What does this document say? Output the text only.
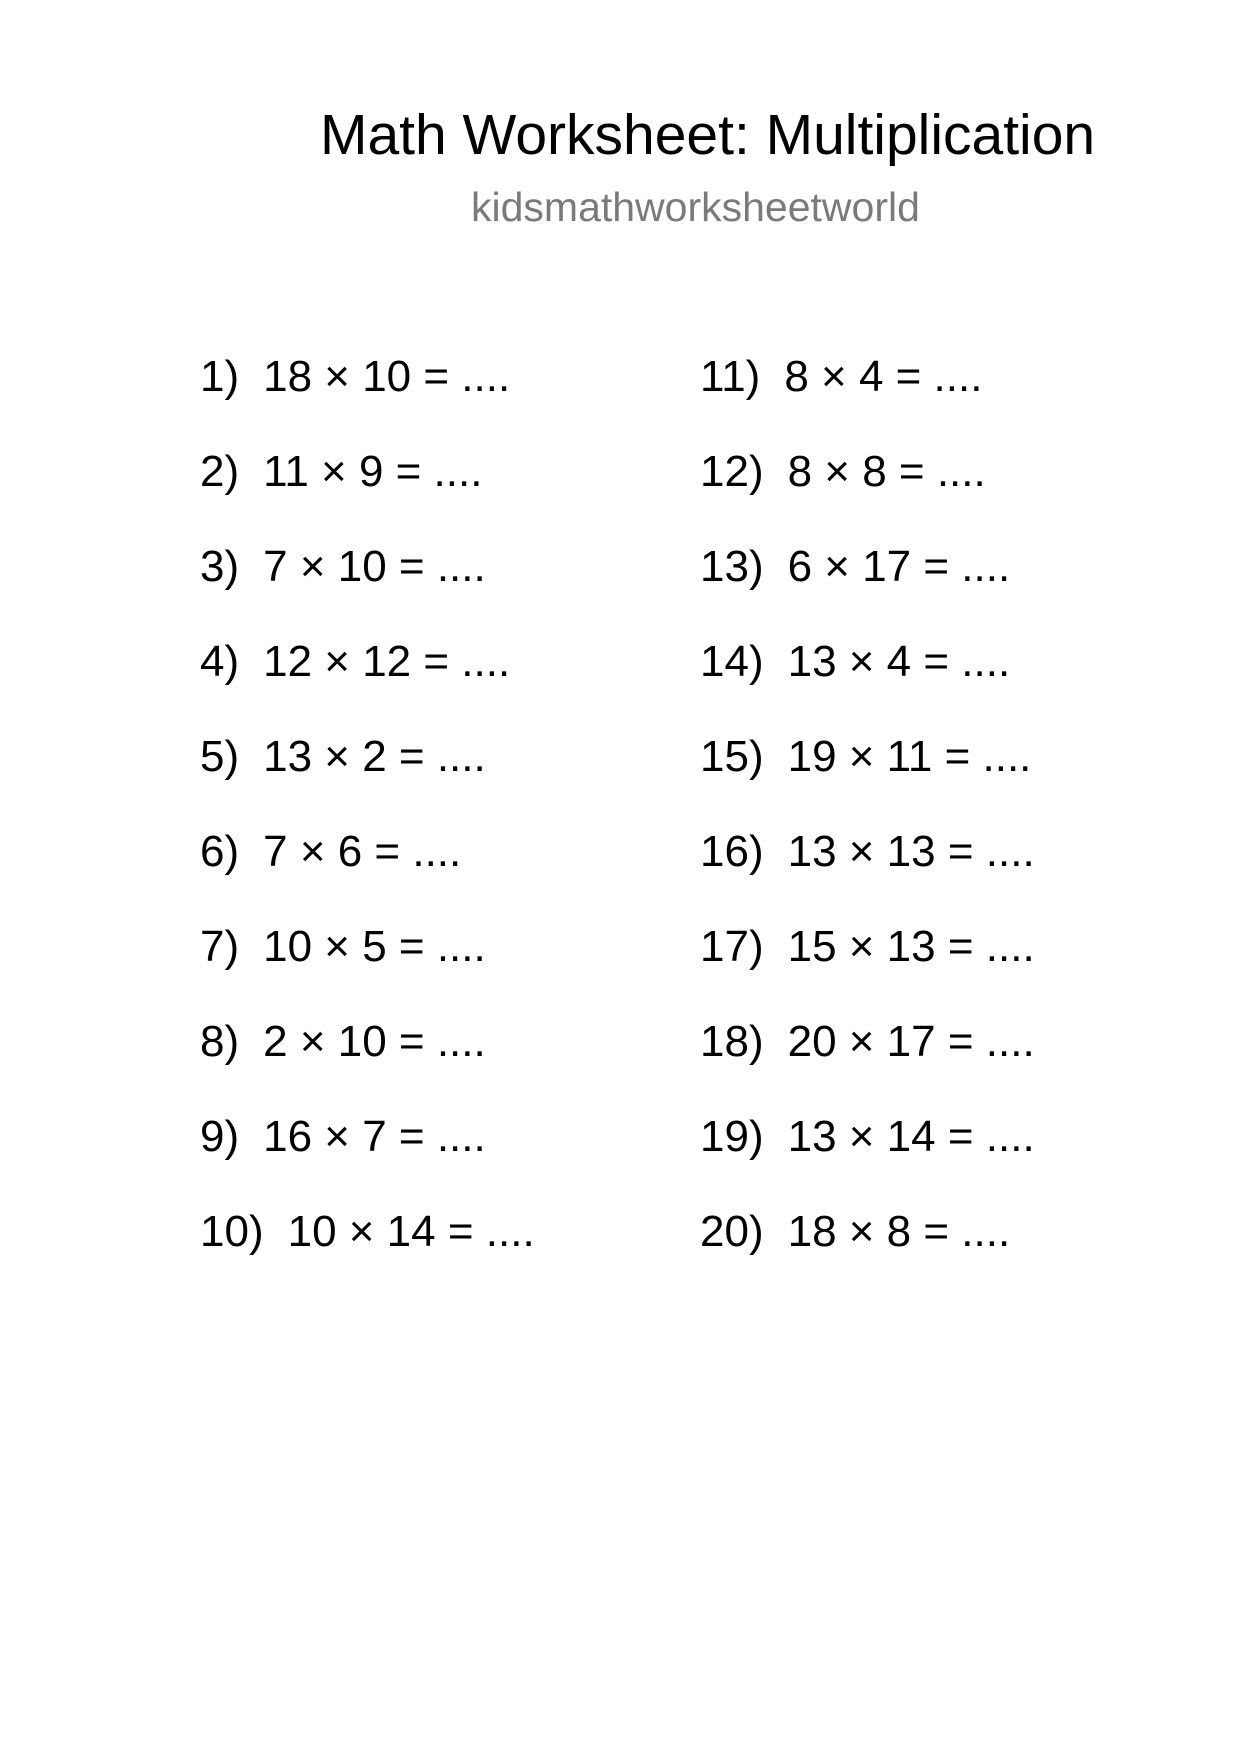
Math Worksheet: Multiplication
kidsmathworksheetworld
1) 18 × 10 = ....
2) 11 × 9 = ....
3) 7 × 10 = ....
4) 12 × 12 = ....
5) 13 × 2 = ....
6) 7 × 6 = ....
7) 10 × 5 = ....
8) 2 × 10 = ....
9) 16 × 7 = ....
10) 10 × 14 = ....
11) 8 × 4 = ....
12) 8 × 8 = ....
13) 6 × 17 = ....
14) 13 × 4 = ....
15) 19 × 11 = ....
16) 13 × 13 = ....
17) 15 × 13 = ....
18) 20 × 17 = ....
19) 13 × 14 = ....
20) 18 × 8 = ....
